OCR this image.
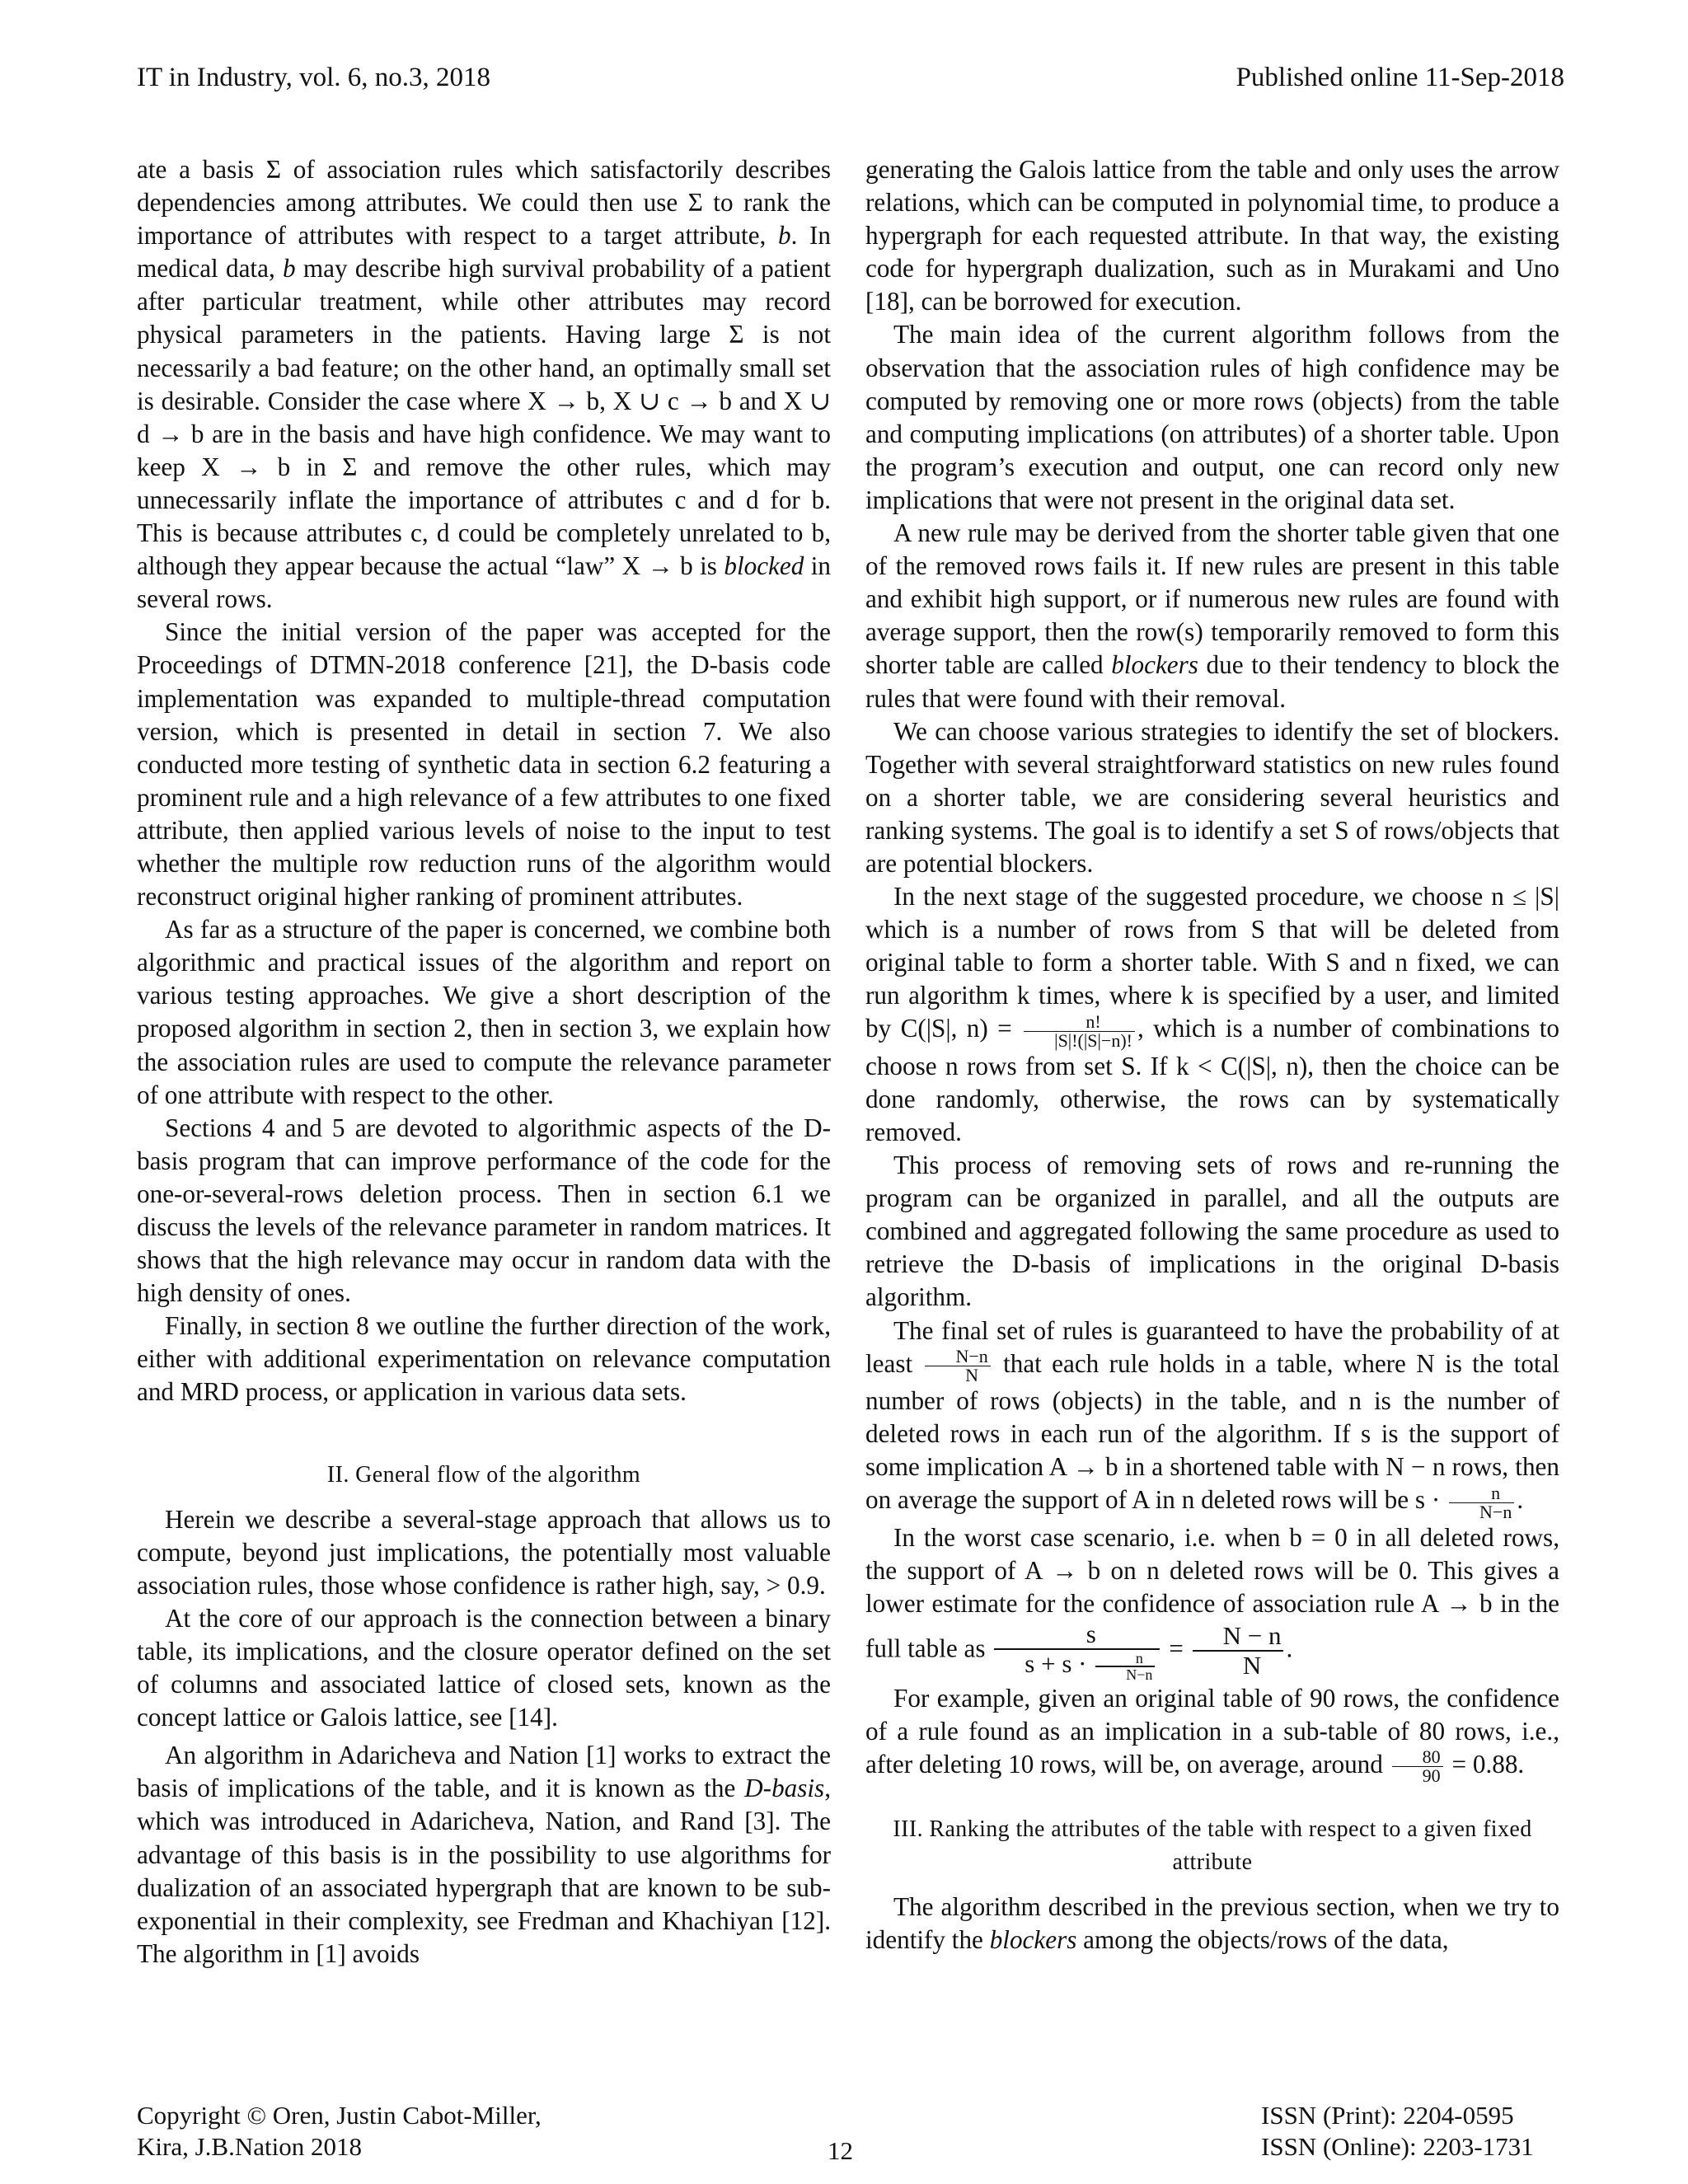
IT in Industry, vol. 6, no.3, 2018	Published online 11-Sep-2018

ate a basis Σ of association rules which satisfactorily describes dependencies among attributes. We could then use Σ to rank the importance of attributes with respect to a target attribute, b. In medical data, b may describe high survival probability of a patient after particular treatment, while other attributes may record physical parameters in the patients. Having large Σ is not necessarily a bad feature; on the other hand, an optimally small set is desirable. Consider the case where X → b, X ∪ c → b and X ∪ d → b are in the basis and have high confidence. We may want to keep X → b in Σ and remove the other rules, which may unnecessarily inflate the importance of attributes c and d for b. This is because attributes c, d could be completely unrelated to b, although they appear because the actual “law” X → b is blocked in several rows.

Since the initial version of the paper was accepted for the Proceedings of DTMN-2018 conference [21], the D-basis code implementation was expanded to multiple-thread computation version, which is presented in detail in section 7. We also conducted more testing of synthetic data in section 6.2 featuring a prominent rule and a high relevance of a few attributes to one fixed attribute, then applied various levels of noise to the input to test whether the multiple row reduction runs of the algorithm would reconstruct original higher ranking of prominent attributes.

As far as a structure of the paper is concerned, we combine both algorithmic and practical issues of the algorithm and report on various testing approaches. We give a short description of the proposed algorithm in section 2, then in section 3, we explain how the association rules are used to compute the relevance parameter of one attribute with respect to the other.

Sections 4 and 5 are devoted to algorithmic aspects of the D-basis program that can improve performance of the code for the one-or-several-rows deletion process. Then in section 6.1 we discuss the levels of the relevance parameter in random matrices. It shows that the high relevance may occur in random data with the high density of ones.

Finally, in section 8 we outline the further direction of the work, either with additional experimentation on relevance computation and MRD process, or application in various data sets.

II. General flow of the algorithm

Herein we describe a several-stage approach that allows us to compute, beyond just implications, the potentially most valuable association rules, those whose confidence is rather high, say, > 0.9.

At the core of our approach is the connection between a binary table, its implications, and the closure operator defined on the set of columns and associated lattice of closed sets, known as the concept lattice or Galois lattice, see [14].

An algorithm in Adaricheva and Nation [1] works to extract the basis of implications of the table, and it is known as the D-basis, which was introduced in Adaricheva, Nation, and Rand [3]. The advantage of this basis is in the possibility to use algorithms for dualization of an associated hypergraph that are known to be sub-exponential in their complexity, see Fredman and Khachiyan [12]. The algorithm in [1] avoids

generating the Galois lattice from the table and only uses the arrow relations, which can be computed in polynomial time, to produce a hypergraph for each requested attribute. In that way, the existing code for hypergraph dualization, such as in Murakami and Uno [18], can be borrowed for execution.

The main idea of the current algorithm follows from the observation that the association rules of high confidence may be computed by removing one or more rows (objects) from the table and computing implications (on attributes) of a shorter table. Upon the program’s execution and output, one can record only new implications that were not present in the original data set.

A new rule may be derived from the shorter table given that one of the removed rows fails it. If new rules are present in this table and exhibit high support, or if numerous new rules are found with average support, then the row(s) temporarily removed to form this shorter table are called blockers due to their tendency to block the rules that were found with their removal.

We can choose various strategies to identify the set of blockers. Together with several straightforward statistics on new rules found on a shorter table, we are considering several heuristics and ranking systems. The goal is to identify a set S of rows/objects that are potential blockers.

In the next stage of the suggested procedure, we choose n ≤ |S| which is a number of rows from S that will be deleted from original table to form a shorter table. With S and n fixed, we can run algorithm k times, where k is specified by a user, and limited by C(|S|, $n) = \frac{n!}{|S|!(|S|-n)!}$ , which is a number of combinations to choose n rows from set S. If k < C(|S|, n), then the choice can be done randomly, otherwise, the rows can by systematically removed.

This process of removing sets of rows and re-running the program can be organized in parallel, and all the outputs are combined and aggregated following the same procedure as used to retrieve the D-basis of implications in the original D-basis algorithm.

The final set of rules is guaranteed to have the probability of at least $\frac{N-n}{N}$ that each rule holds in a table, where N is the total number of rows (objects) in the table, and n is the number of deleted rows in each run of the algorithm. If s is the support of some implication A → b in a shortened table with N − n rows, then on average the support of A in n deleted rows will be $s \cdot \frac{n}{N-n}$ .

In the worst case scenario, i.e. when b = 0 in all deleted rows, the support of A → b on n deleted rows will be 0. This gives a lower estimate for the confidence of association rule A → b in the full table as $\frac{s}{s + s \cdot \frac{n}{N-n}} = \frac{N - n}{N}$ .

For example, given an original table of 90 rows, the confidence of a rule found as an implication in a sub-table of 80 rows, i.e., after deleting 10 rows, will be, on average, around $\frac{80}{90} = 0.88$.

III. Ranking the attributes of the table with respect to a given fixed attribute

The algorithm described in the previous section, when we try to identify the blockers among the objects/rows of the data,

Copyright © Oren, Justin Cabot-Miller,
Kira, J.B.Nation 2018	12
ISSN (Print): 2204-0595
ISSN (Online): 2203-1731
